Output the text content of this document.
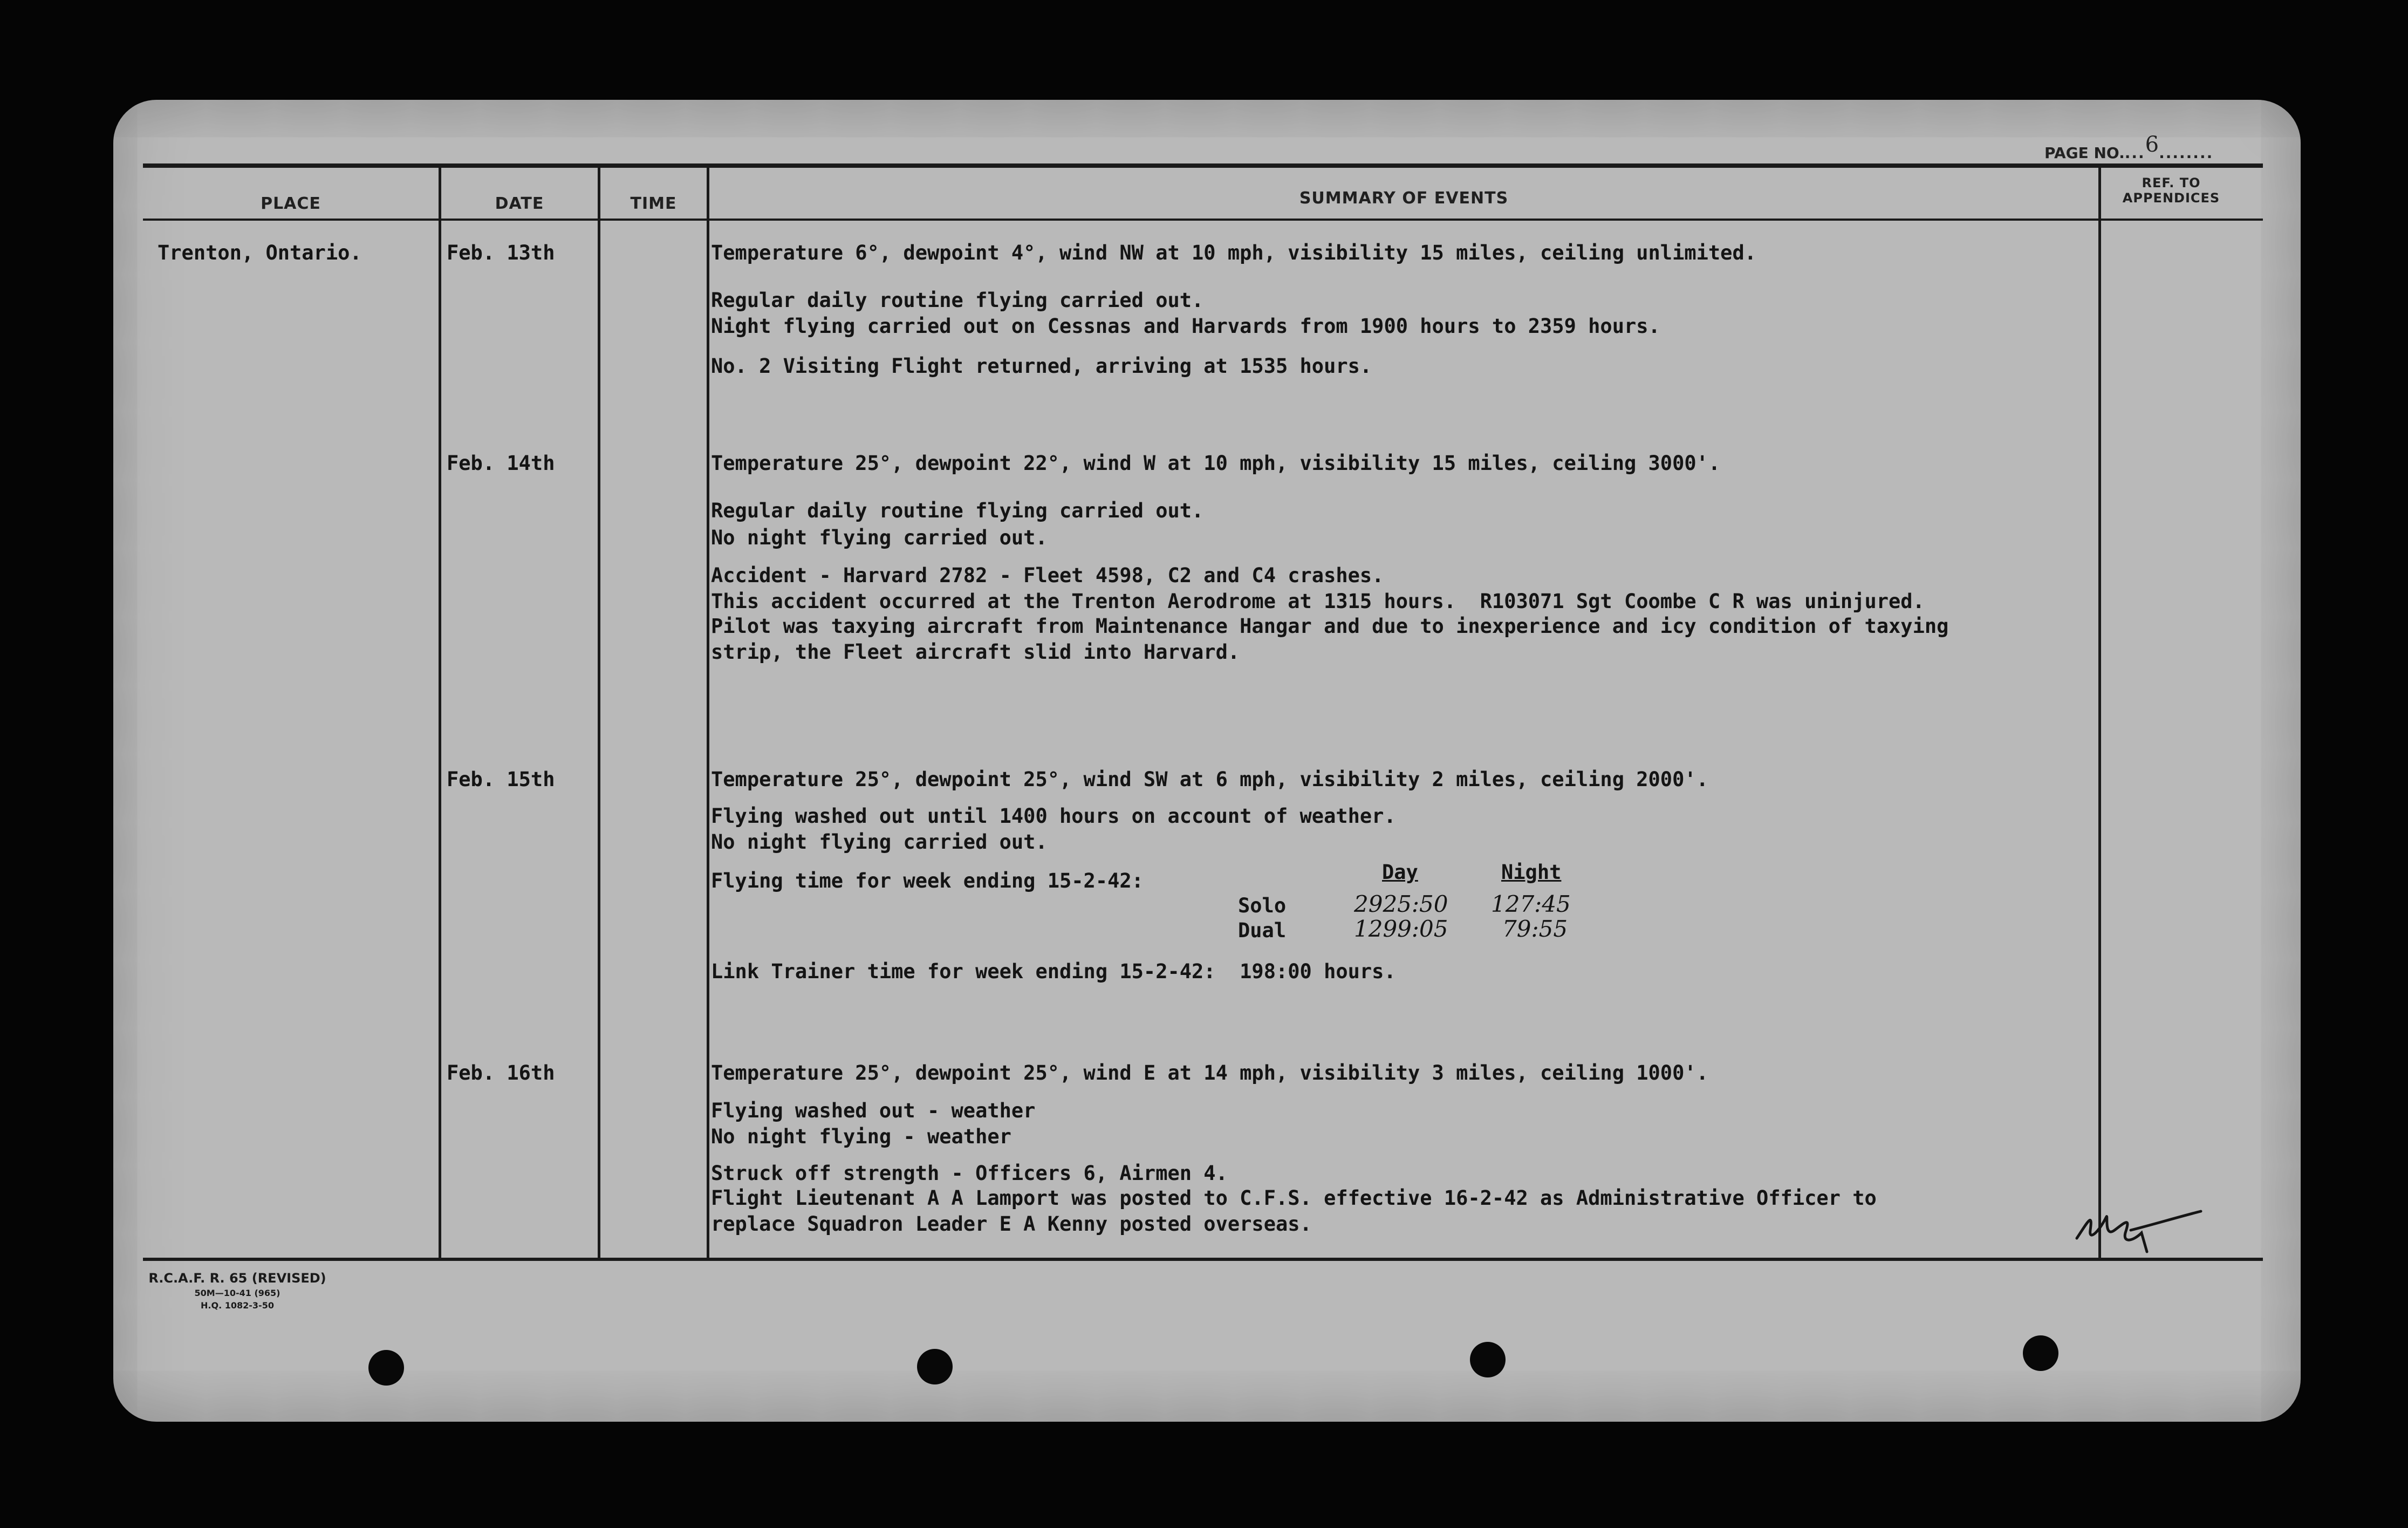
PAGE NO....6........
PLACE	DATE	TIME	SUMMARY OF EVENTS
REF. TO APPENDICES
Trenton, Ontario.	Feb. 13th	Temperature 6°, dewpoint 4°, wind NW at 10 mph, visibility 15 miles, ceiling unlimited.
Regular daily routine flying carried out.
Night flying carried out on Cessnas and Harvards from 1900 hours to 2359 hours.
No. 2 Visiting Flight returned, arriving at 1535 hours.
Feb. 14th	Temperature 25°, dewpoint 22°, wind W at 10 mph, visibility 15 miles, ceiling 3000'.
Regular daily routine flying carried out.
No night flying carried out.
Accident - Harvard 2782 - Fleet 4598, C2 and C4 crashes.
This accident occurred at the Trenton Aerodrome at 1315 hours.  R103071 Sgt Coombe C R was uninjured.
Pilot was taxying aircraft from Maintenance Hangar and due to inexperience and icy condition of taxying
strip, the Fleet aircraft slid into Harvard.
Feb. 15th	Temperature 25°, dewpoint 25°, wind SW at 6 mph, visibility 2 miles, ceiling 2000'.
Flying washed out until 1400 hours on account of weather.
No night flying carried out.
Flying time for week ending 15-2-42:	Day	Night
Solo	2925:50 127:45
Dual	1299:05 79:55
Link Trainer time for week ending 15-2-42:  198:00 hours.
Feb. 16th	Temperature 25°, dewpoint 25°, wind E at 14 mph, visibility 3 miles, ceiling 1000'.
Flying washed out - weather
No night flying - weather
Struck off strength - Officers 6, Airmen 4.
Flight Lieutenant A A Lamport was posted to C.F.S. effective 16-2-42 as Administrative Officer to
replace Squadron Leader E A Kenny posted overseas.
R.C.A.F. R. 65 (REVISED)
50M—10-41 (965)
H.Q. 1082-3-50
